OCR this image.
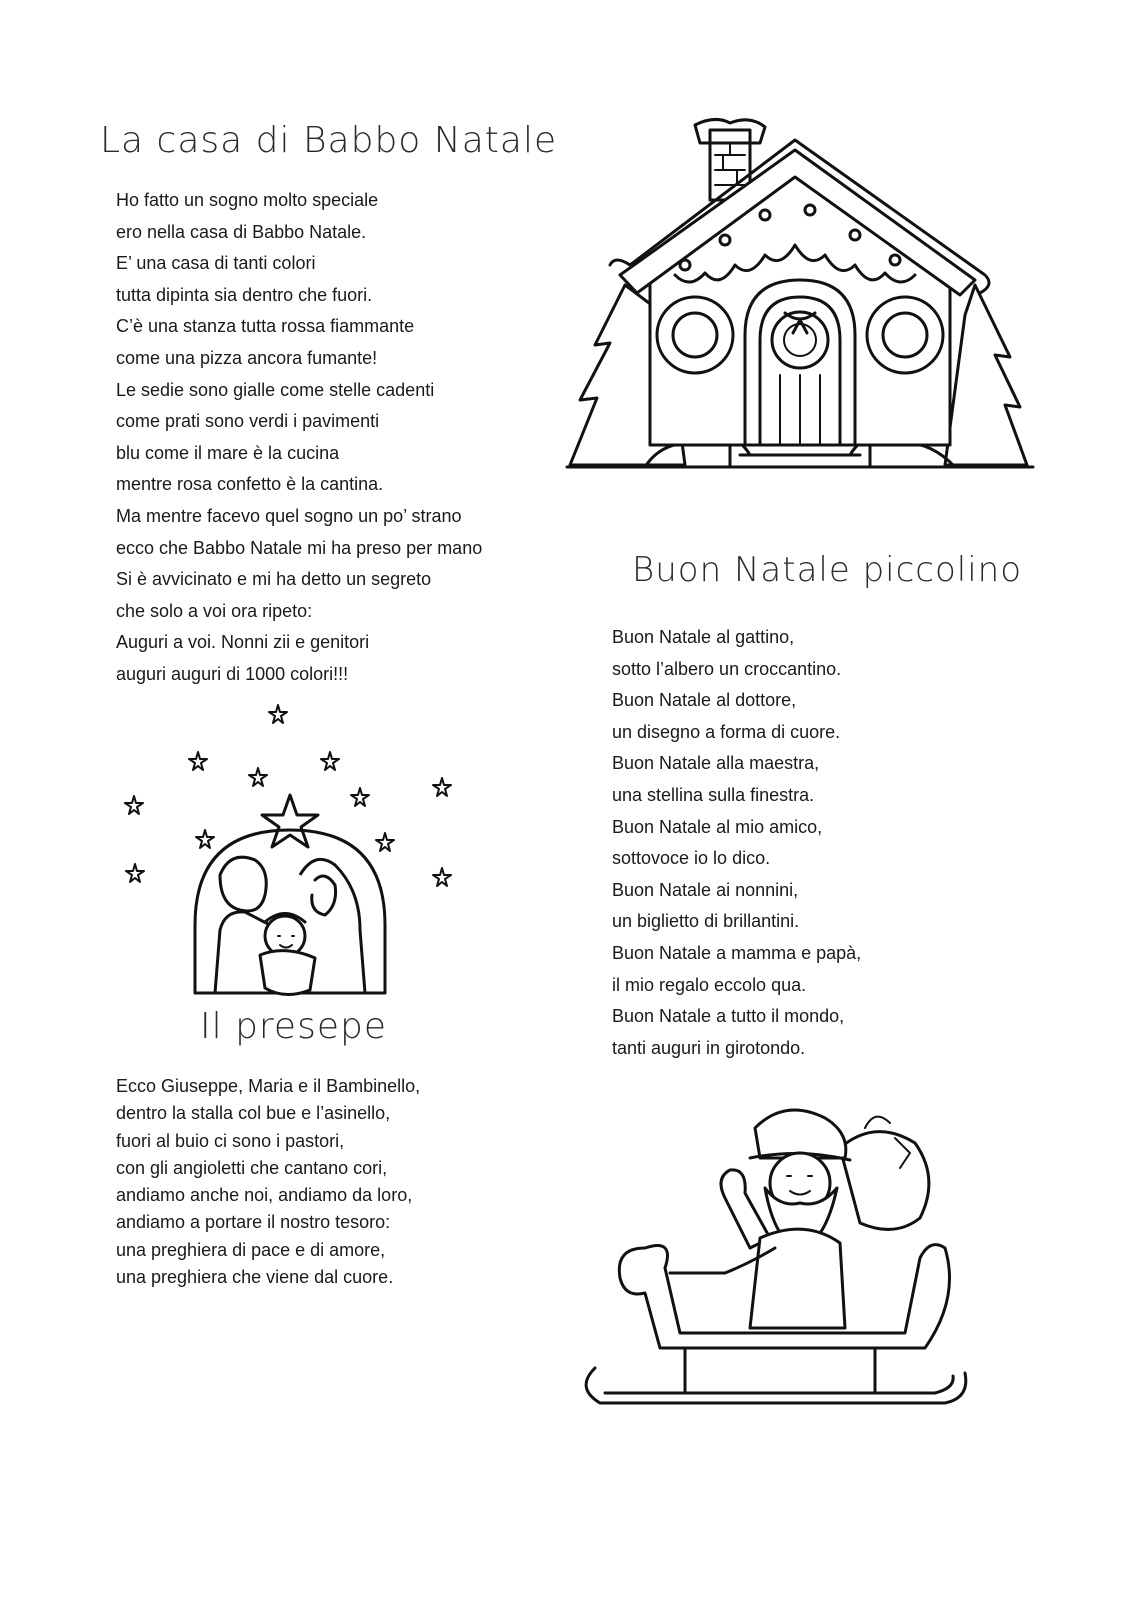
La casa di Babbo Natale
Ho fatto un sogno molto speciale
ero nella casa di Babbo Natale.
E’ una casa di tanti colori
tutta dipinta sia dentro che fuori.
C’è una stanza tutta rossa fiammante
come una pizza ancora fumante!
Le sedie sono gialle come stelle cadenti
come prati sono verdi i pavimenti
blu come il mare è la cucina
mentre rosa confetto è la cantina.
Ma mentre facevo quel sogno un po’ strano
ecco che Babbo Natale mi ha preso per mano
Si è avvicinato e mi ha detto un segreto
che solo a voi ora ripeto:
Auguri a voi. Nonni zii e genitori
auguri auguri di 1000 colori!!!
Buon Natale piccolino
Buon Natale al gattino,
sotto l’albero un croccantino.
Buon Natale al dottore,
un disegno a forma di cuore.
Buon Natale alla maestra,
una stellina sulla finestra.
Buon Natale al mio amico,
sottovoce io lo dico.
Buon Natale ai nonnini,
un biglietto di brillantini.
Buon Natale a mamma e papà,
il mio regalo eccolo qua.
Buon Natale a tutto il mondo,
tanti auguri in girotondo.
Il presepe
Ecco Giuseppe, Maria e il Bambinello,
dentro la stalla col bue e l’asinello,
fuori al buio ci sono i pastori,
con gli angioletti che cantano cori,
andiamo anche noi, andiamo da loro,
andiamo a portare il nostro tesoro:
una preghiera di pace e di amore,
una preghiera che viene dal cuore.
